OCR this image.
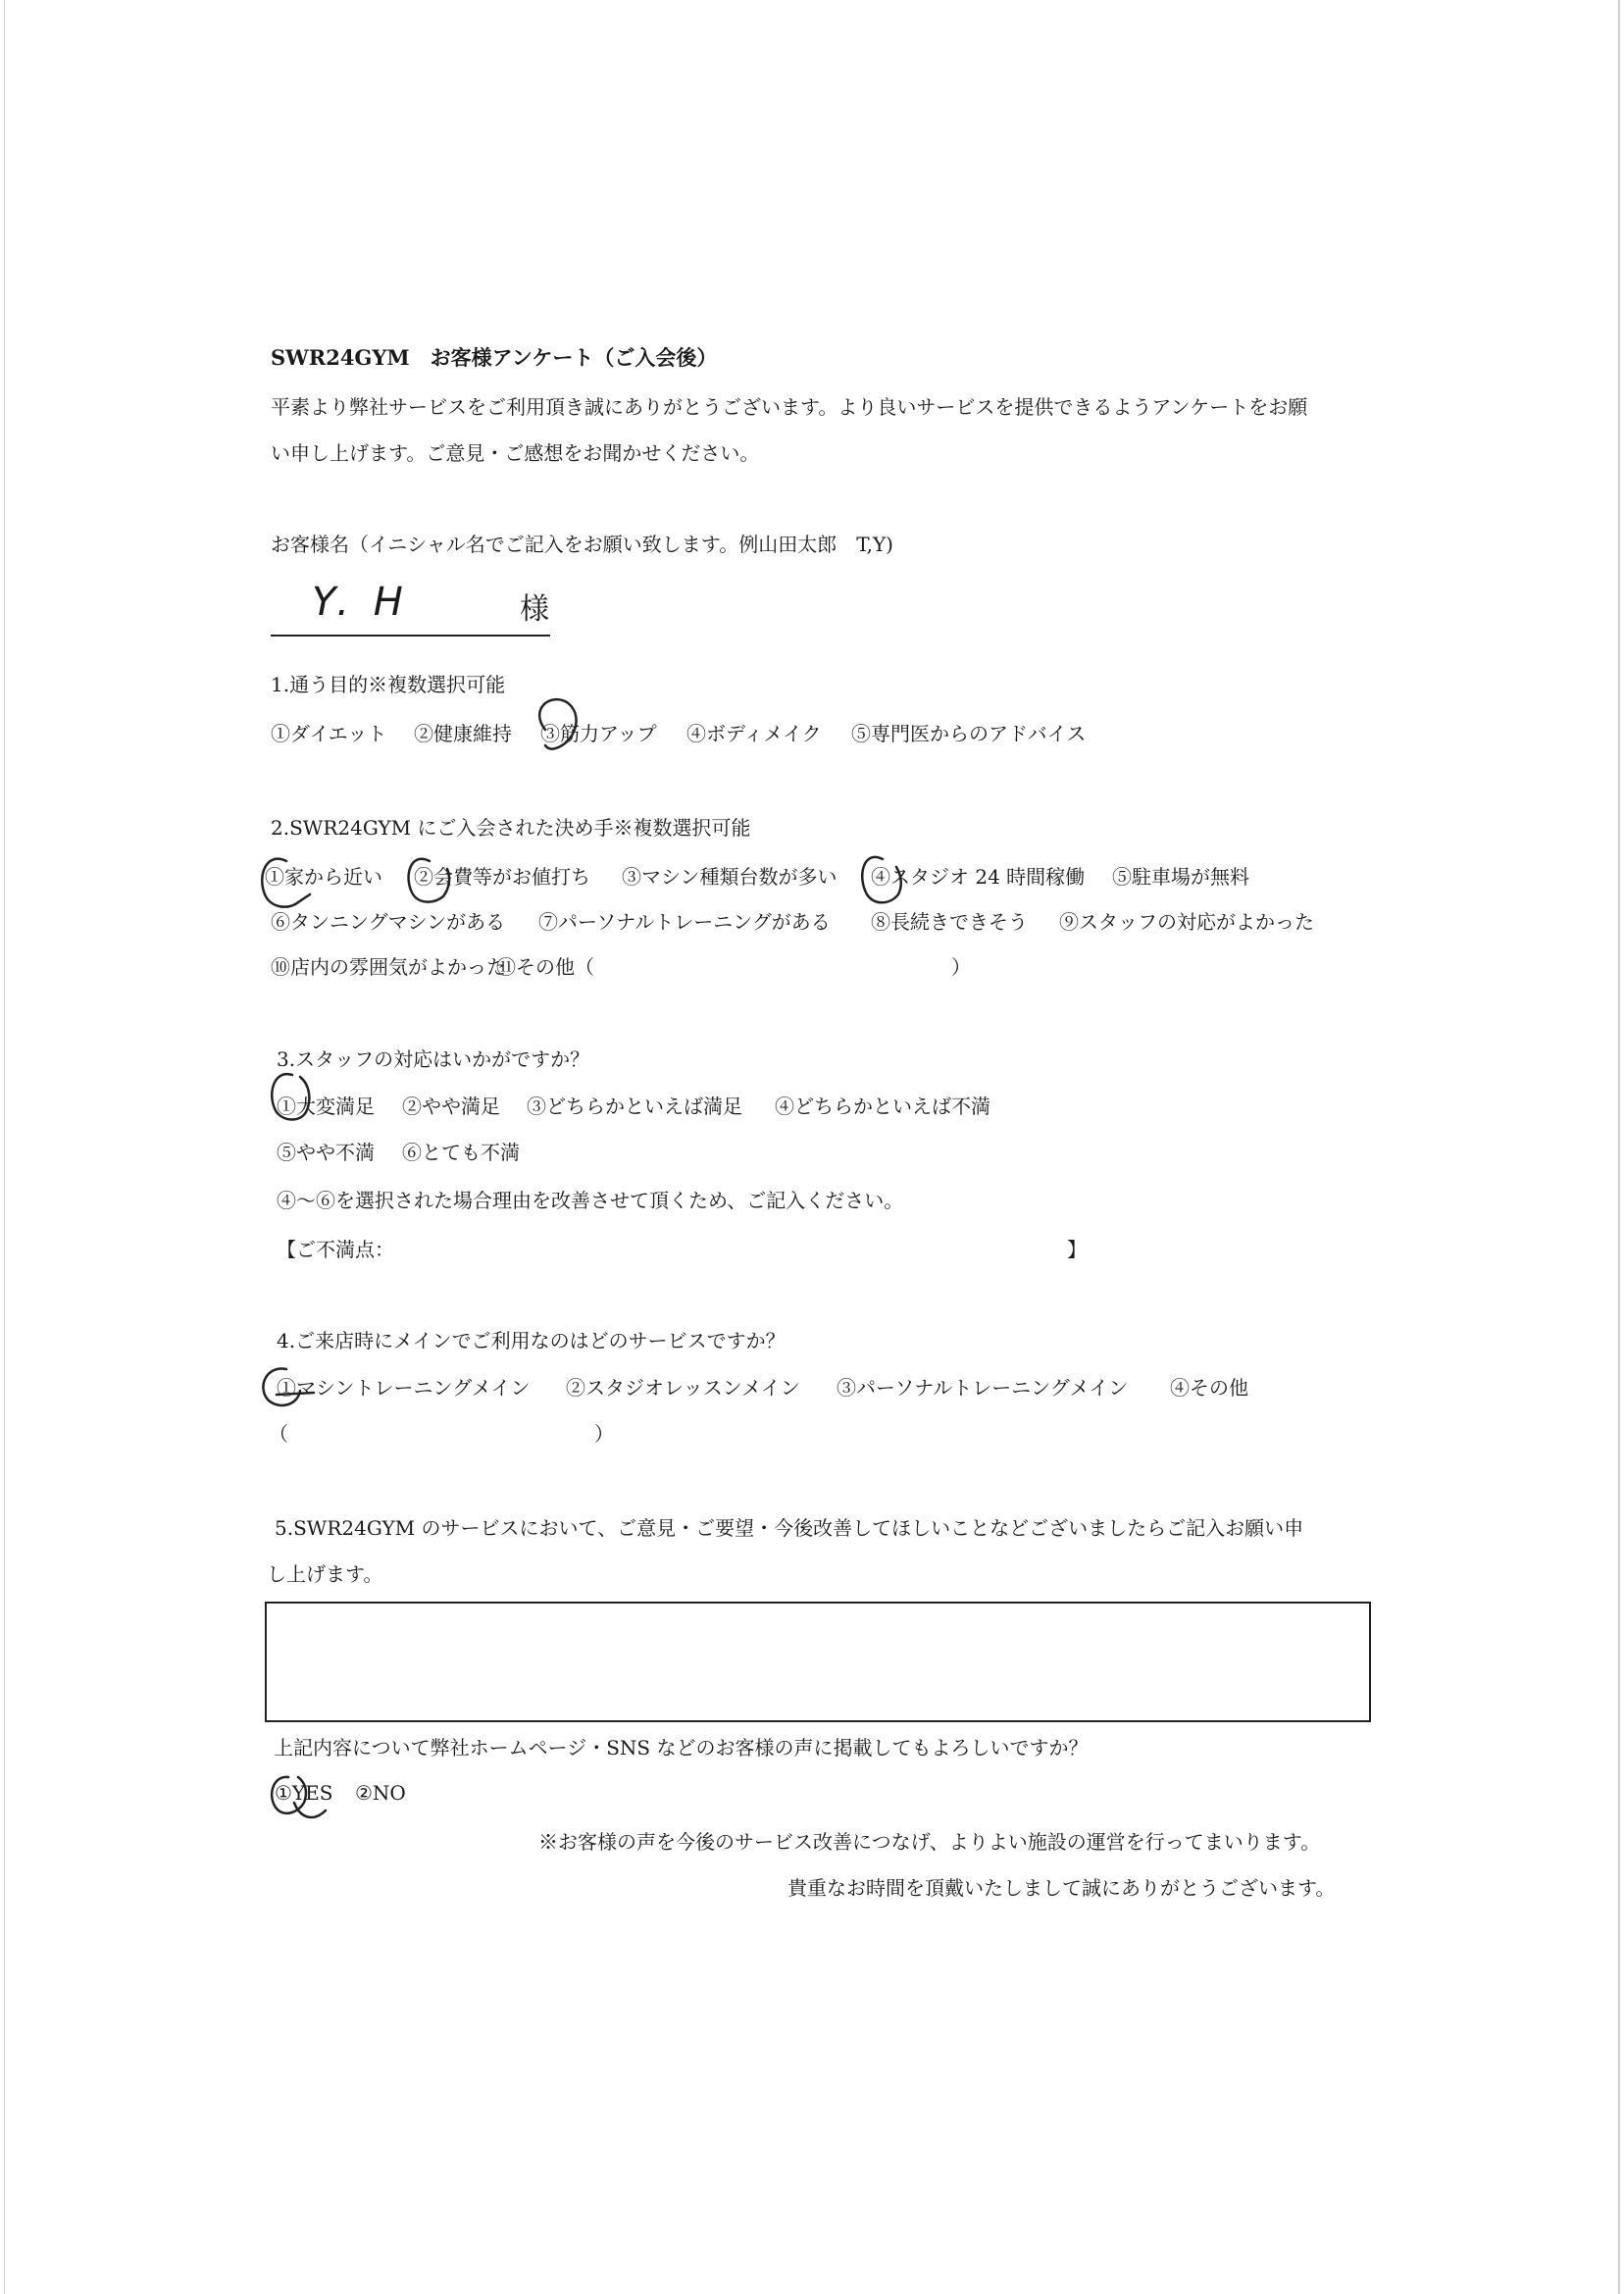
SWR24GYM　お客様アンケート（ご入会後）
平素より弊社サービスをご利用頂き誠にありがとうございます。より良いサービスを提供できるようアンケートをお願
い申し上げます。ご意見・ご感想をお聞かせください。
お客様名（イニシャル名でご記入をお願い致します。例山田太郎　T,Y)
Y. H	様
1.通う目的※複数選択可能
①ダイエット ②健康維持 ③筋力アップ ④ボディメイク ⑤専門医からのアドバイス
2.SWR24GYM にご入会された決め手※複数選択可能
①家から近い ②会費等がお値打ち ③マシン種類台数が多い ④スタジオ 24 時間稼働 ⑤駐車場が無料
⑥タンニングマシンがある ⑦パーソナルトレーニングがある ⑧長続きできそう ⑨スタッフの対応がよかった
⑩店内の雰囲気がよかった
⑪その他（	）
3.スタッフの対応はいかがですか？
①大変満足 ②やや満足 ③どちらかといえば満足 ④どちらかといえば不満
⑤やや不満 ⑥とても不満
④～⑥を選択された場合理由を改善させて頂くため、ご記入ください。
【ご不満点：	】
4.ご来店時にメインでご利用なのはどのサービスですか？
①マシントレーニングメイン ②スタジオレッスンメイン ③パーソナルトレーニングメイン ④その他
（	）
5.SWR24GYM のサービスにおいて、ご意見・ご要望・今後改善してほしいことなどございましたらご記入お願い申
し上げます。
上記内容について弊社ホームページ・SNS などのお客様の声に掲載してもよろしいですか？
①YES ②NO
※お客様の声を今後のサービス改善につなげ、よりよい施設の運営を行ってまいります。
貴重なお時間を頂戴いたしまして誠にありがとうございます。
